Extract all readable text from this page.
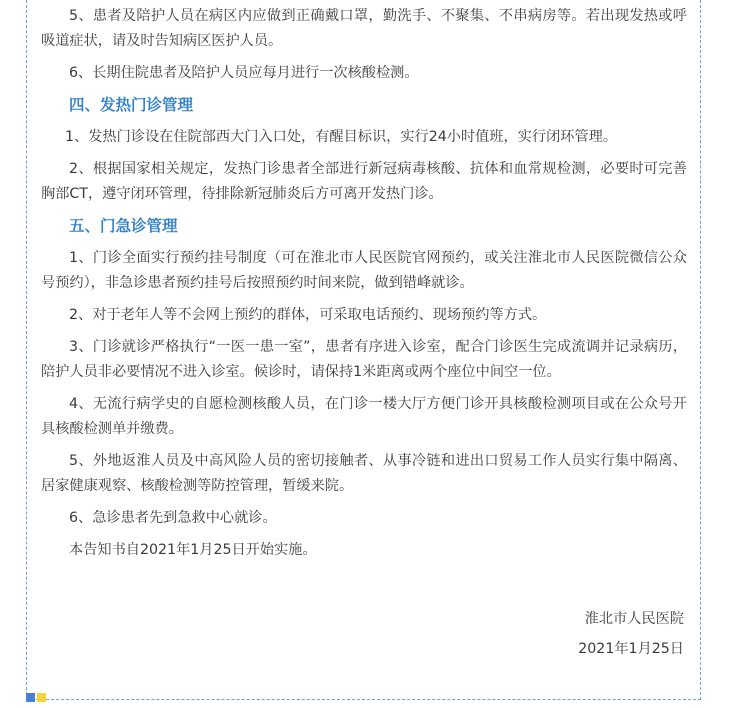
5、患者及陪护人员在病区内应做到正确戴口罩，勤洗手、不聚集、不串病房等。若出现发热或呼吸道症状，请及时告知病区医护人员。

6、长期住院患者及陪护人员应每月进行一次核酸检测。

四、发热门诊管理

1、发热门诊设在住院部西大门入口处，有醒目标识，实行24小时值班，实行闭环管理。

2、根据国家相关规定，发热门诊患者全部进行新冠病毒核酸、抗体和血常规检测，必要时可完善胸部CT，遵守闭环管理，待排除新冠肺炎后方可离开发热门诊。

五、门急诊管理

1、门诊全面实行预约挂号制度（可在淮北市人民医院官网预约，或关注淮北市人民医院微信公众号预约），非急诊患者预约挂号后按照预约时间来院，做到错峰就诊。

2、对于老年人等不会网上预约的群体，可采取电话预约、现场预约等方式。

3、门诊就诊严格执行“一医一患一室”，患者有序进入诊室，配合门诊医生完成流调并记录病历，陪护人员非必要情况不进入诊室。候诊时，请保持1米距离或两个座位中间空一位。

4、无流行病学史的自愿检测核酸人员，在门诊一楼大厅方便门诊开具核酸检测项目或在公众号开具核酸检测单并缴费。

5、外地返淮人员及中高风险人员的密切接触者、从事冷链和进出口贸易工作人员实行集中隔离、居家健康观察、核酸检测等防控管理，暂缓来院。

6、急诊患者先到急救中心就诊。

本告知书自2021年1月25日开始实施。

淮北市人民医院
2021年1月25日
